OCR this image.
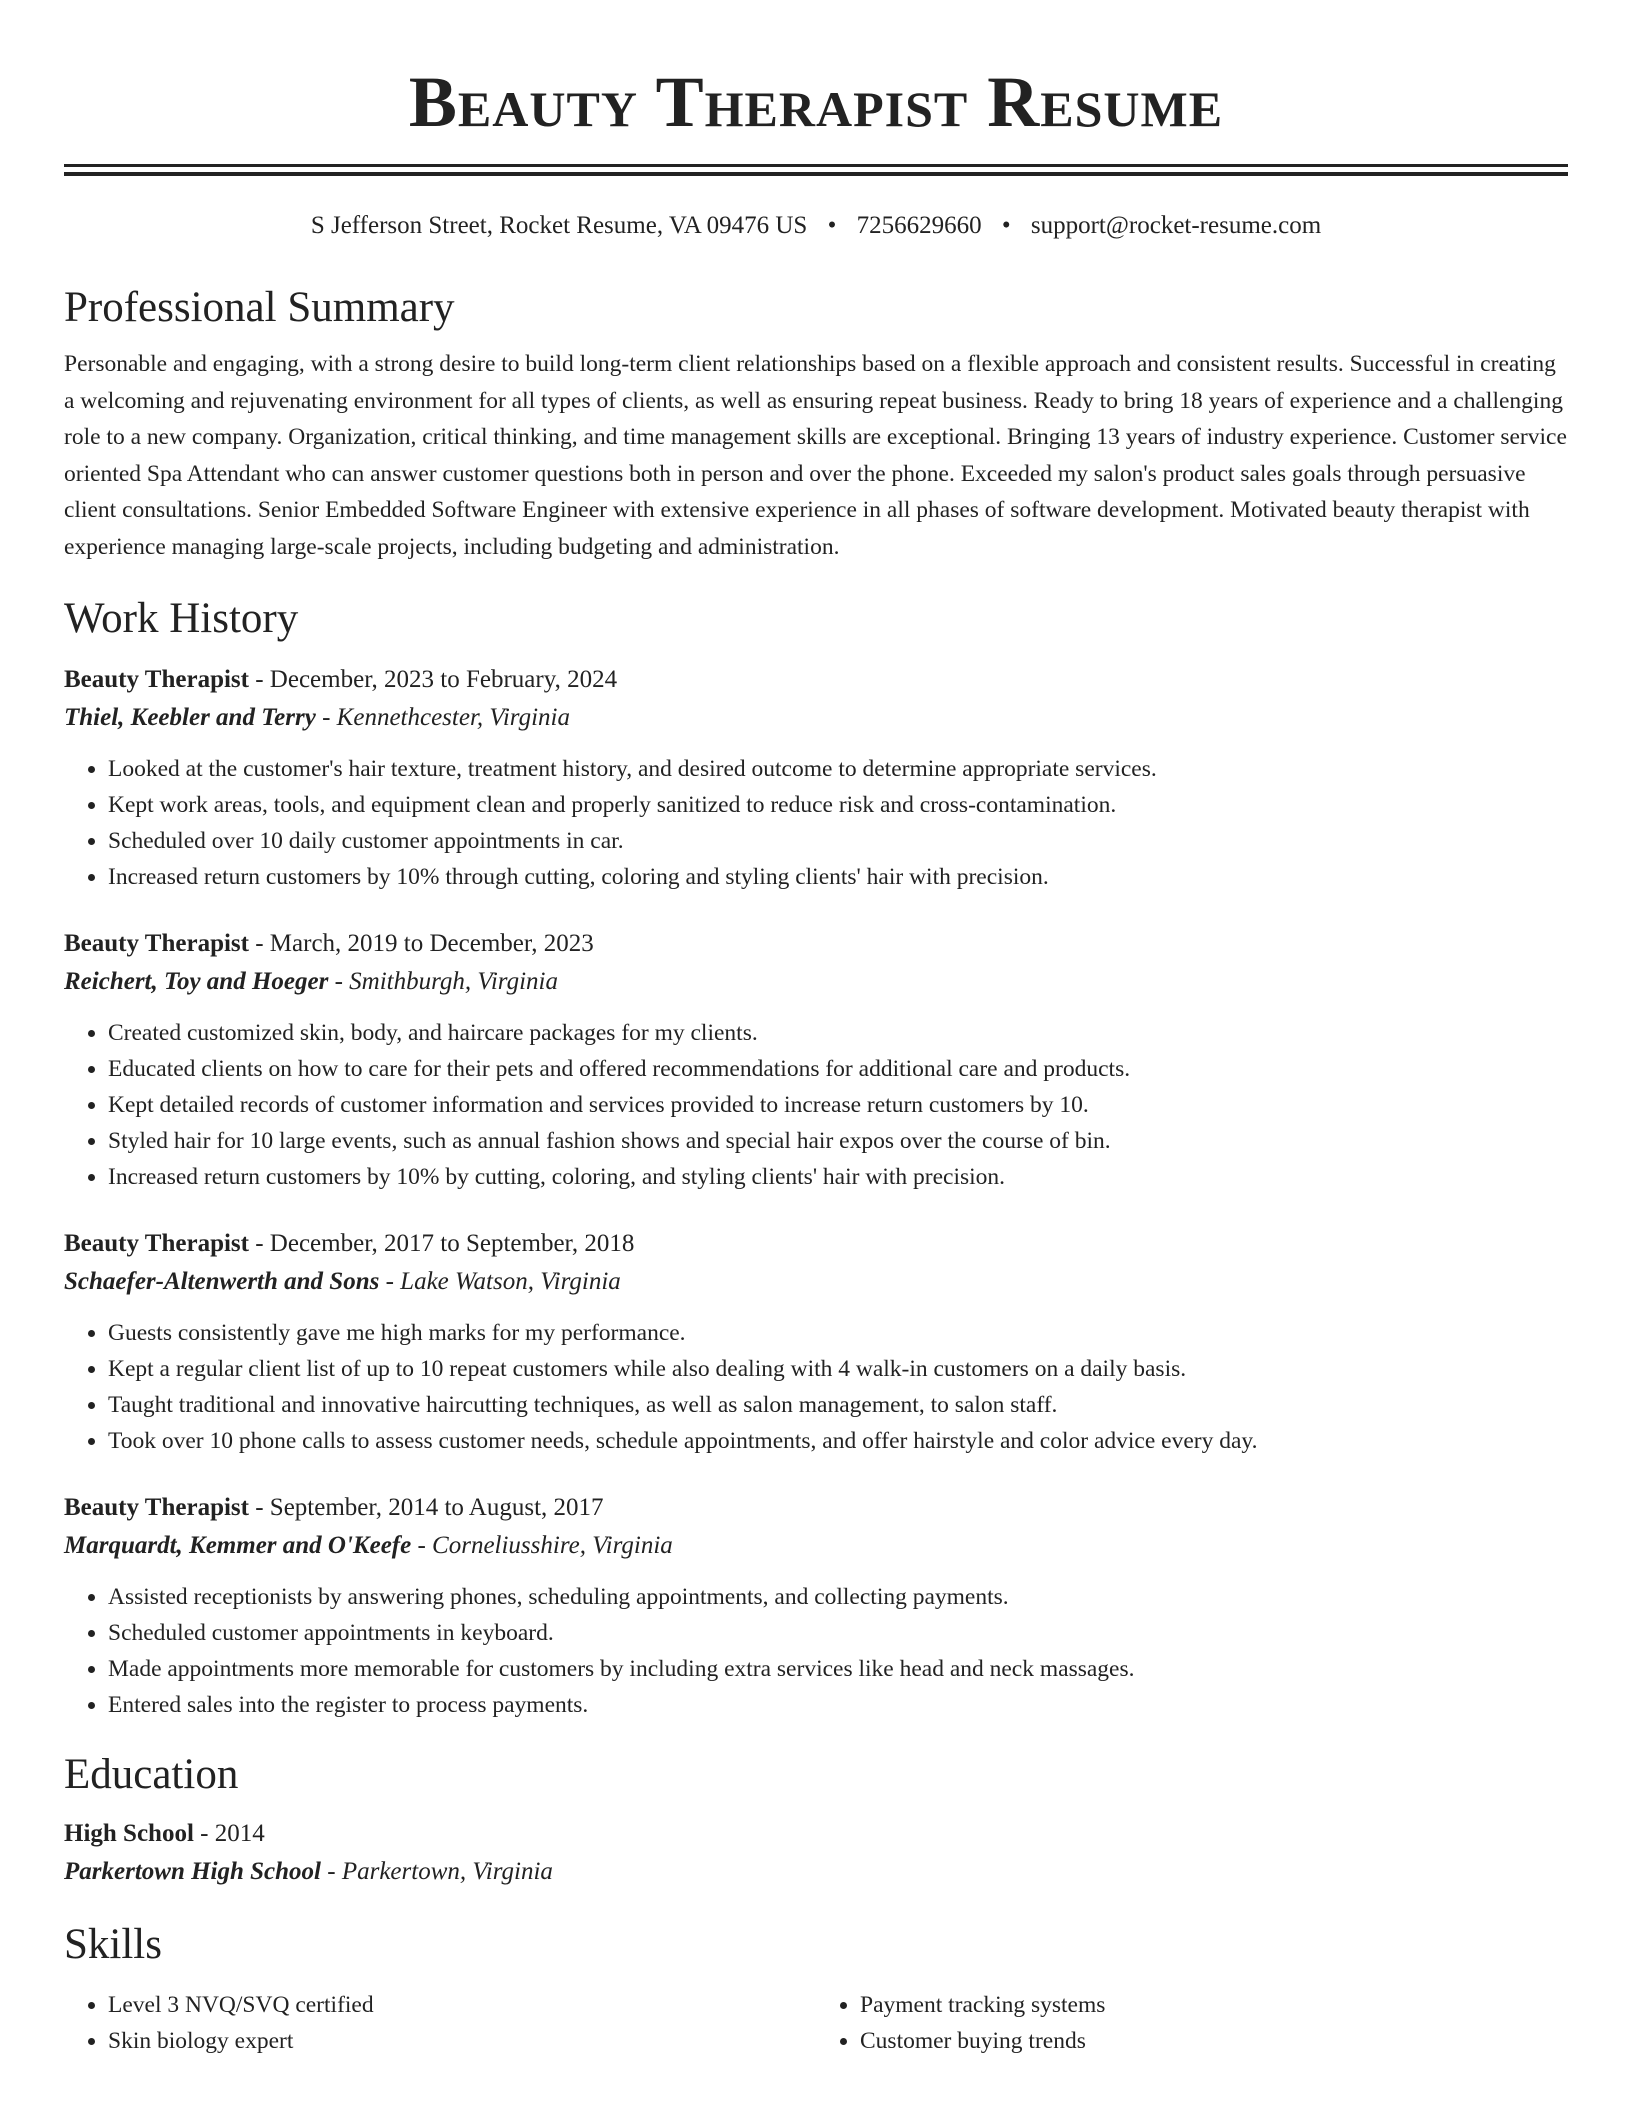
Beauty Therapist Resume
S Jefferson Street, Rocket Resume, VA 09476 US • 7256629660 • support@rocket-resume.com
Professional Summary

Personable and engaging, with a strong desire to build long-term client relationships based on a flexible approach and consistent results. Successful in creating a welcoming and rejuvenating environment for all types of clients, as well as ensuring repeat business. Ready to bring 18 years of experience and a challenging role to a new company. Organization, critical thinking, and time management skills are exceptional. Bringing 13 years of industry experience. Customer service oriented Spa Attendant who can answer customer questions both in person and over the phone. Exceeded my salon's product sales goals through persuasive client consultations. Senior Embedded Software Engineer with extensive experience in all phases of software development. Motivated beauty therapist with experience managing large-scale projects, including budgeting and administration.

Work History
Beauty Therapist - December, 2023 to February, 2024
Thiel, Keebler and Terry - Kennethcester, Virginia
• Looked at the customer's hair texture, treatment history, and desired outcome to determine appropriate services.
• Kept work areas, tools, and equipment clean and properly sanitized to reduce risk and cross-contamination.
• Scheduled over 10 daily customer appointments in car.
• Increased return customers by 10% through cutting, coloring and styling clients' hair with precision.
Beauty Therapist - March, 2019 to December, 2023
Reichert, Toy and Hoeger - Smithburgh, Virginia
• Created customized skin, body, and haircare packages for my clients.
• Educated clients on how to care for their pets and offered recommendations for additional care and products.
• Kept detailed records of customer information and services provided to increase return customers by 10.
• Styled hair for 10 large events, such as annual fashion shows and special hair expos over the course of bin.
• Increased return customers by 10% by cutting, coloring, and styling clients' hair with precision.
Beauty Therapist - December, 2017 to September, 2018
Schaefer-Altenwerth and Sons - Lake Watson, Virginia
• Guests consistently gave me high marks for my performance.
• Kept a regular client list of up to 10 repeat customers while also dealing with 4 walk-in customers on a daily basis.
• Taught traditional and innovative haircutting techniques, as well as salon management, to salon staff.
• Took over 10 phone calls to assess customer needs, schedule appointments, and offer hairstyle and color advice every day.
Beauty Therapist - September, 2014 to August, 2017
Marquardt, Kemmer and O'Keefe - Corneliusshire, Virginia
• Assisted receptionists by answering phones, scheduling appointments, and collecting payments.
• Scheduled customer appointments in keyboard.
• Made appointments more memorable for customers by including extra services like head and neck massages.
• Entered sales into the register to process payments.
Education
High School - 2014
Parkertown High School - Parkertown, Virginia
Skills
• Level 3 NVQ/SVQ certified
• Skin biology expert
• Payment tracking systems
• Customer buying trends
